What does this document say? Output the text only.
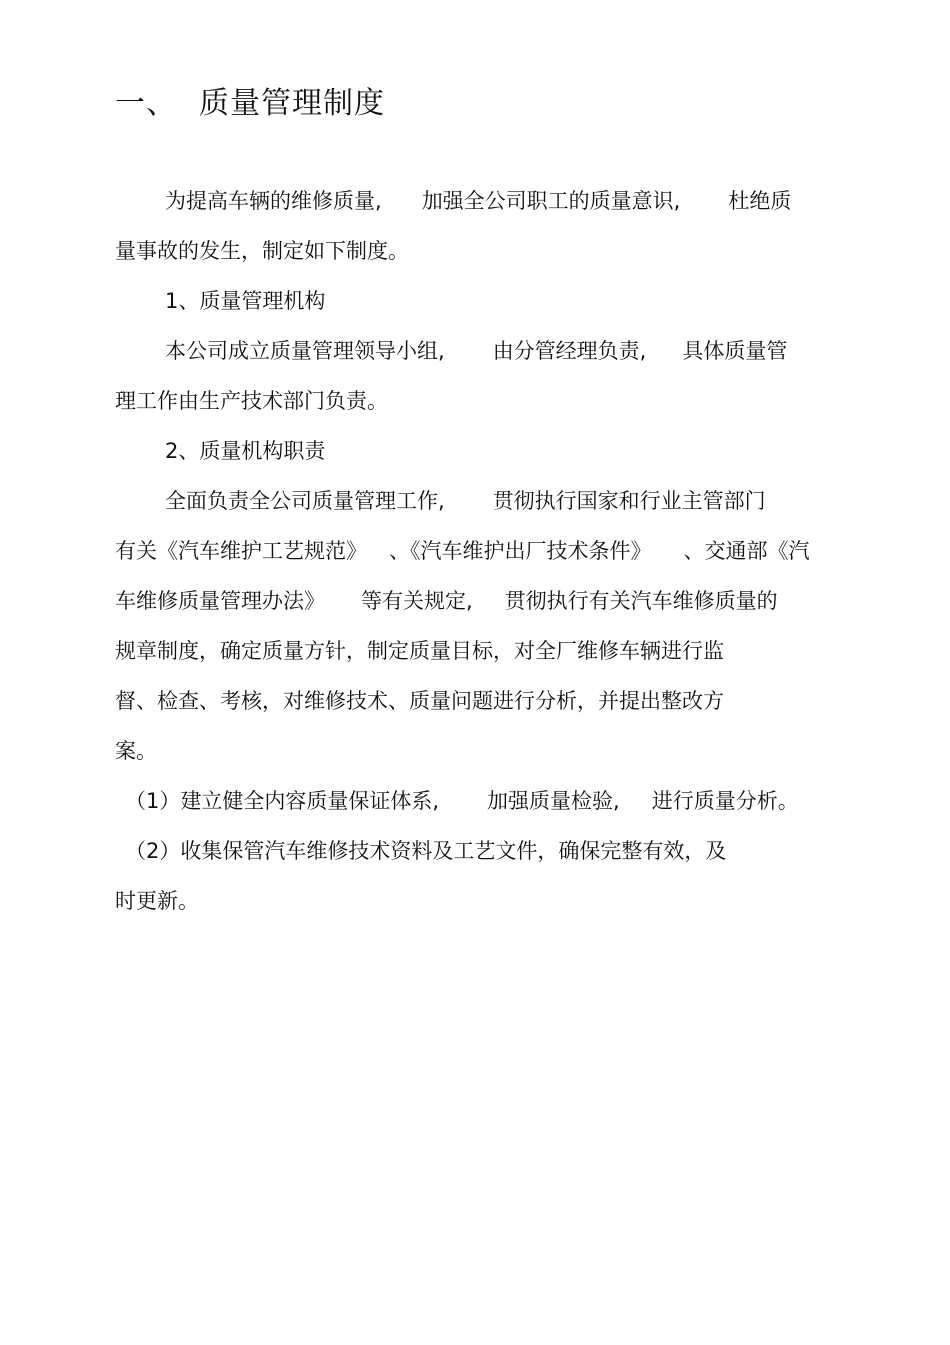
一、 质量管理制度
为提高车辆的维修质量, 加强全公司职工的质量意识, 杜绝质
量事故的发生，制定如下制度。
1、质量管理机构
本公司成立质量管理领导小组, 由分管经理负责, 具体质量管
理工作由生产技术部门负责。
2、质量机构职责
全面负责全公司质量管理工作, 贯彻执行国家和行业主管部门
有关《汽车维护工艺规范》 、《汽车维护出厂技术条件》 、交通部《汽
车维修质量管理办法》 等有关规定, 贯彻执行有关汽车维修质量的
规章制度，确定质量方针，制定质量目标，对全厂维修车辆进行监
督、检查、考核，对维修技术、质量问题进行分析，并提出整改方
案。
（1）建立健全内容质量保证体系, 加强质量检验, 进行质量分析。
（2）收集保管汽车维修技术资料及工艺文件，确保完整有效，及
时更新。
